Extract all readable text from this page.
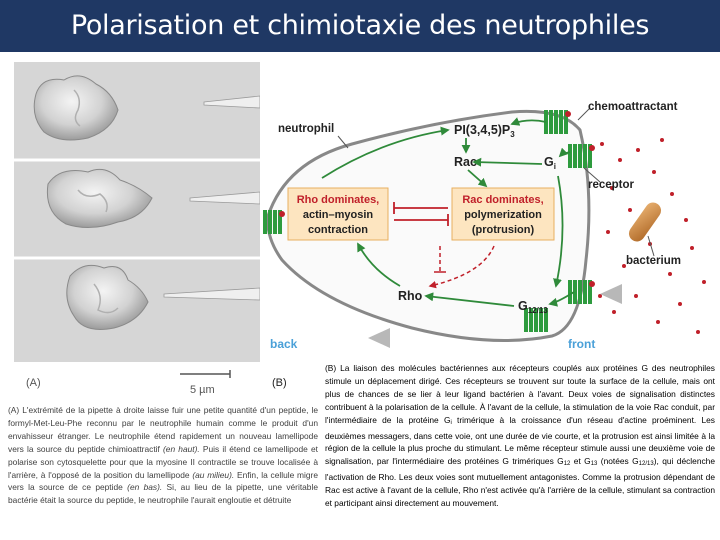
Polarisation et chimiotaxie des neutrophiles
(A)
5 µm
(B)
neutrophil
chemoattractant
receptor
bacterium
$PI(3,4,5)P_3$
Rac	$G_i$
Rho
$G_{12/13}$
Rho dominates,
actin–myosin
contraction
Rac dominates,
polymerization
(protrusion)
back	front
(A) L'extrémité de la pipette à droite laisse fuir une petite quantité d'un peptide, le formyl-Met-Leu-Phe reconnu par le neutrophile humain comme le produit d'un envahisseur étranger. Le neutrophile étend rapidement un nouveau lamellipode vers la source du peptide chimioattractif (en haut). Puis il étend ce lamellipode et polarise son cytosquelette pour que la myosine II contractile se trouve localisée à l'arrière, à l'opposé de la position du lamellipode (au milieu). Enfin, la cellule migre vers la source de ce peptide (en bas). Si, au lieu de la pipette, une véritable bactérie était la source du peptide, le neutrophile l'aurait engloutie et détruite
(B) La liaison des molécules bactériennes aux récepteurs couplés aux protéines G des neutrophiles stimule un déplacement dirigé. Ces récepteurs se trouvent sur toute la surface de la cellule, mais ont plus de chances de se lier à leur ligand bactérien à l'avant. Deux voies de signalisation distinctes contribuent à la polarisation de la cellule. À l'avant de la cellule, la stimulation de la voie Rac conduit, par l'intermédiaire de la protéine Gi trimérique à la croissance d'un réseau d'actine proéminent. Les deuxièmes messagers, dans cette voie, ont une durée de vie courte, et la protrusion est ainsi limitée à la région de la cellule la plus proche du stimulant. Le même récepteur stimule aussi une deuxième voie de signalisation, par l'intermédiaire des protéines G trimériques G12 et G13 (notées G12/13), qui déclenche l'activation de Rho. Les deux voies sont mutuellement antagonistes. Comme la protrusion dépendant de Rac est active à l'avant de la cellule, Rho n'est activée qu'à l'arrière de la cellule, stimulant sa contraction et participant ainsi directement au mouvement.
